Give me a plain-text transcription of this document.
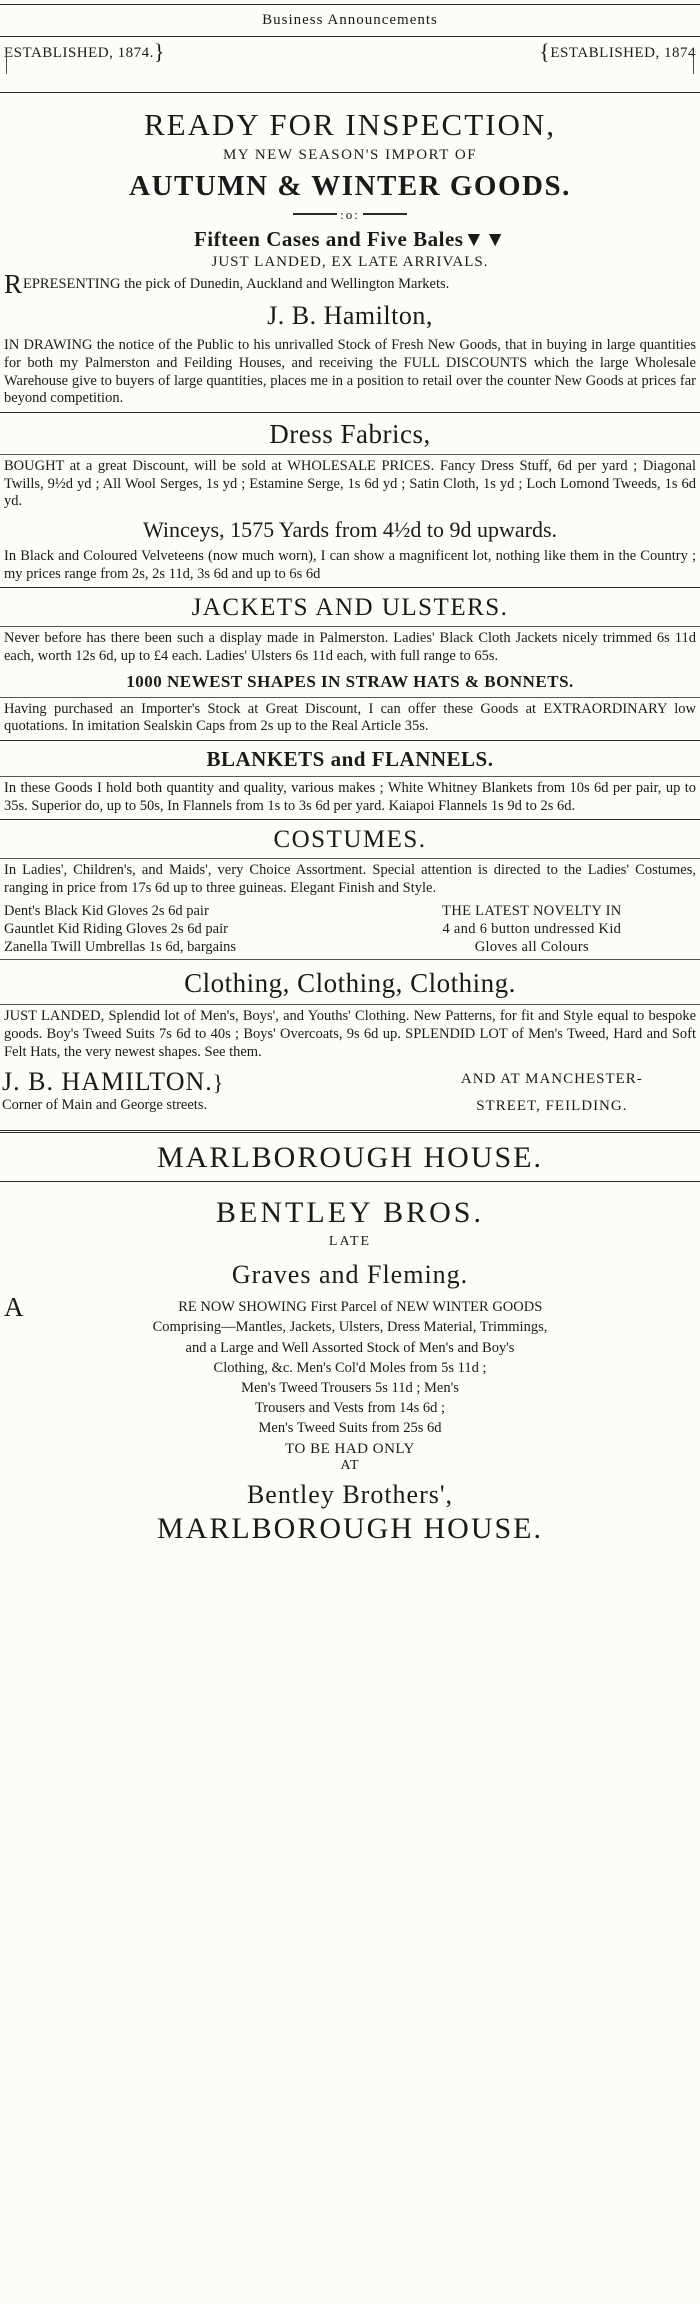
Business Announcements
ESTABLISHED, 1874. }	{ ESTABLISHED, 1874
READY FOR INSPECTION,
MY NEW SEASON'S IMPORT OF
AUTUMN & WINTER GOODS.
:o:
Fifteen Cases and Five Bales▼▼
JUST LANDED, EX LATE ARRIVALS.
REPRESENTING the pick of Dunedin, Auckland and Wellington Markets.
J. B. Hamilton,

IN DRAWING the notice of the Public to his unrivalled Stock of Fresh New Goods, that in buying in large quantities for both my Palmerston and Feilding Houses, and receiving the FULL DISCOUNTS which the large Wholesale Warehouse give to buyers of large quantities, places me in a position to retail over the counter New Goods at prices far beyond competition.

Dress Fabrics,

BOUGHT at a great Discount, will be sold at WHOLESALE PRICES. Fancy Dress Stuff, 6d per yard ; Diagonal Twills, 9½d yd ; All Wool Serges, 1s yd ; Estamine Serge, 1s 6d yd ; Satin Cloth, 1s yd ; Loch Lomond Tweeds, 1s 6d yd.

Winceys, 1575 Yards from 4½d to 9d upwards.

In Black and Coloured Velveteens (now much worn), I can show a magnificent lot, nothing like them in the Country ; my prices range from 2s, 2s 11d, 3s 6d and up to 6s 6d

JACKETS AND ULSTERS.

Never before has there been such a display made in Palmerston. Ladies' Black Cloth Jackets nicely trimmed 6s 11d each, worth 12s 6d, up to £4 each. Ladies' Ulsters 6s 11d each, with full range to 65s.

1000 NEWEST SHAPES IN STRAW HATS & BONNETS.

Having purchased an Importer's Stock at Great Discount, I can offer these Goods at EXTRAORDINARY low quotations. In imitation Sealskin Caps from 2s up to the Real Article 35s.

BLANKETS and FLANNELS.

In these Goods I hold both quantity and quality, various makes ; White Whitney Blankets from 10s 6d per pair, up to 35s. Superior do, up to 50s, In Flannels from 1s to 3s 6d per yard. Kaiapoi Flannels 1s 9d to 2s 6d.

COSTUMES.

In Ladies', Children's, and Maids', very Choice Assortment. Special attention is directed to the Ladies' Costumes, ranging in price from 17s 6d up to three guineas. Elegant Finish and Style.

Dent's Black Kid Gloves 2s 6d pair
Gauntlet Kid Riding Gloves 2s 6d pair
Zanella Twill Umbrellas 1s 6d, bargains
THE LATEST NOVELTY IN
4 and 6 button undressed Kid
Gloves all Colours
Clothing, Clothing, Clothing.

JUST LANDED, Splendid lot of Men's, Boys', and Youths' Clothing. New Patterns, for fit and Style equal to bespoke goods. Boy's Tweed Suits 7s 6d to 40s ; Boys' Overcoats, 9s 6d up. SPLENDID LOT of Men's Tweed, Hard and Soft Felt Hats, the very newest shapes. See them.

J. B. HAMILTON.}
Corner of Main and George streets.
AND AT MANCHESTER-
STREET, FEILDING.
MARLBOROUGH HOUSE.
BENTLEY BROS.
LATE
Graves and Fleming.
A	RE NOW SHOWING First Parcel of NEW WINTER GOODS
Comprising—Mantles, Jackets, Ulsters, Dress Material, Trimmings,
and a Large and Well Assorted Stock of Men's and Boy's
Clothing, &c. Men's Col'd Moles from 5s 11d ;
Men's Tweed Trousers 5s 11d ; Men's
Trousers and Vests from 14s 6d ;
Men's Tweed Suits from 25s 6d
TO BE HAD ONLY
AT
Bentley Brothers',
MARLBOROUGH HOUSE.
